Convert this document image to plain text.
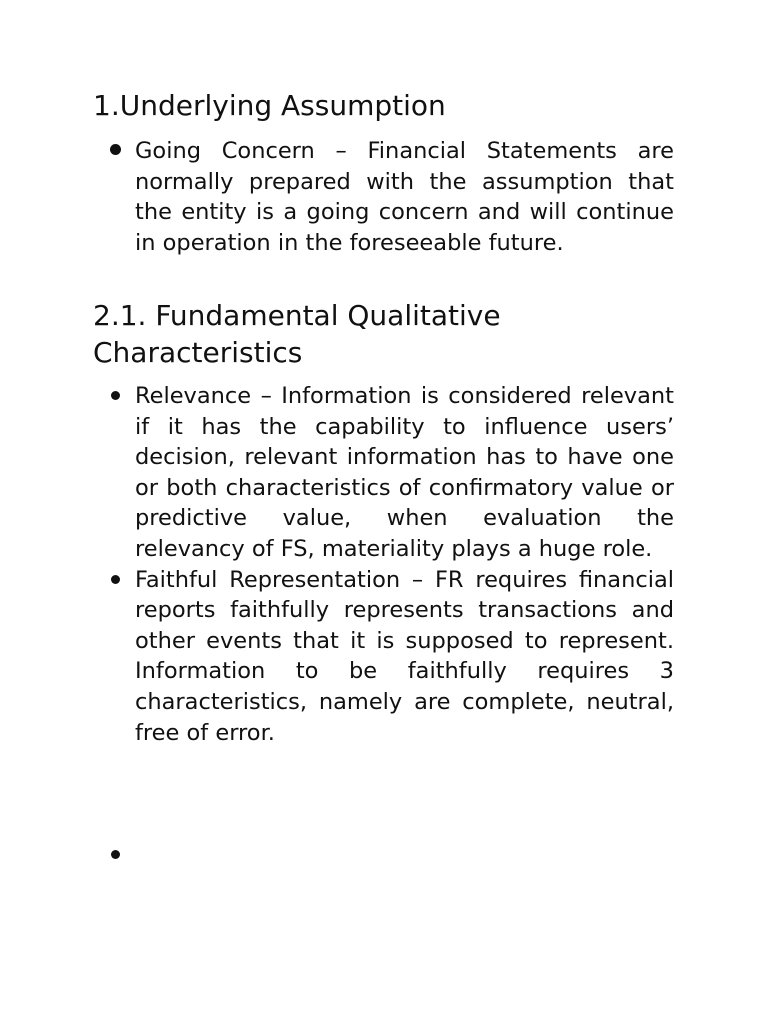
1.Underlying Assumption
Going Concern – Financial Statements are normally prepared with the assumption that the entity is a going concern and will continue in operation in the foreseeable future.
2.1. Fundamental Qualitative Characteristics
Relevance – Information is considered relevant if it has the capability to influence users’ decision, relevant information has to have one or both characteristics of confirmatory value or predictive value, when evaluation the relevancy of FS, materiality plays a huge role.
Faithful Representation – FR requires financial reports faithfully represents transactions and other events that it is supposed to represent. Information to be faithfully requires 3 characteristics, namely are complete, neutral, free of error.
